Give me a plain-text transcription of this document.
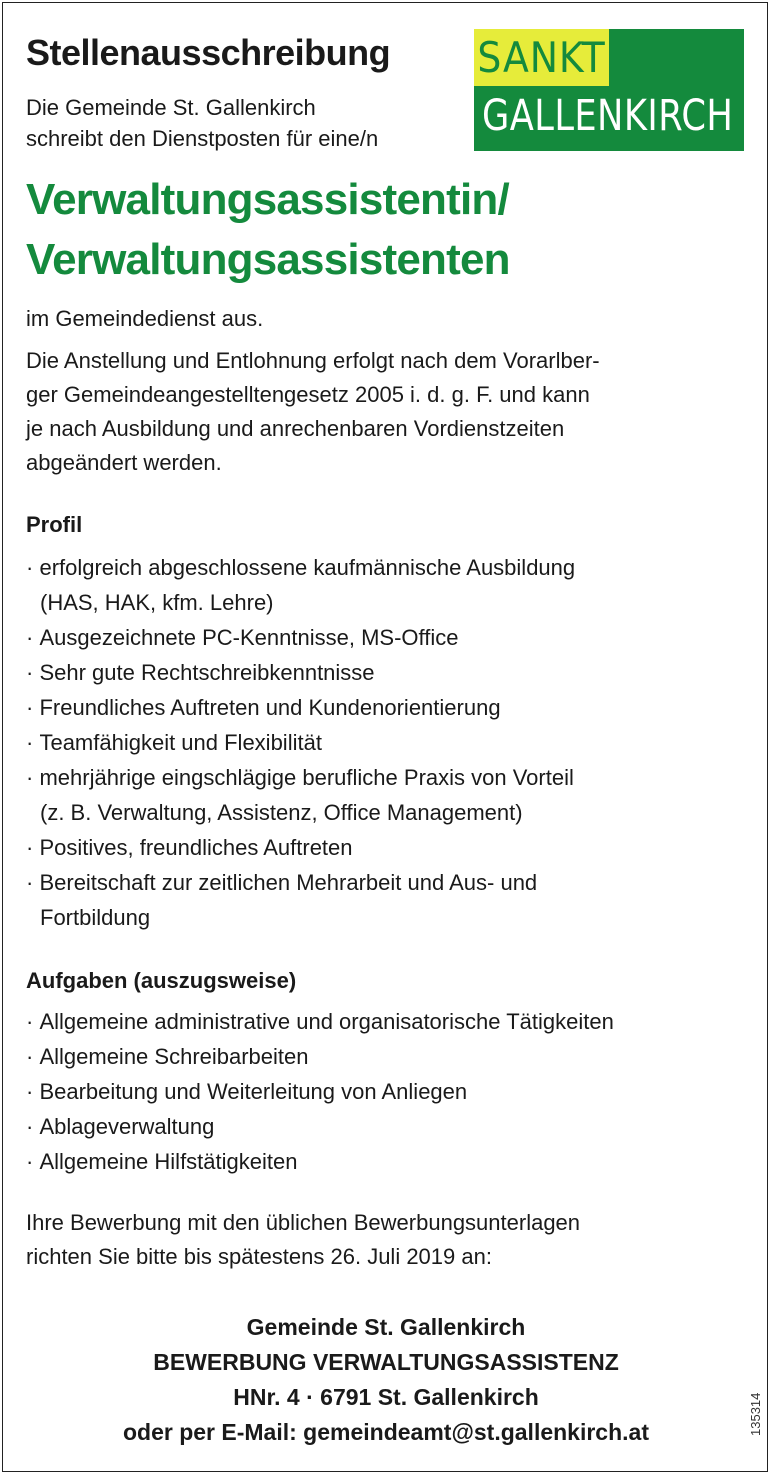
Stellenausschreibung

Die Gemeinde St. Gallenkirch
schreibt den Dienstposten für eine/n

SANKT
GALLENKIRCH
Verwaltungsassistentin/
Verwaltungsassistenten

im Gemeindedienst aus.

Die Anstellung und Entlohnung erfolgt nach dem Vorarlber-
ger Gemeindeangestelltengesetz 2005 i. d. g. F. und kann
je nach Ausbildung und anrechenbaren Vordienstzeiten
abgeändert werden.

Profil
· erfolgreich abgeschlossene kaufmännische Ausbildung
(HAS, HAK, kfm. Lehre)
· Ausgezeichnete PC-Kenntnisse, MS-Office
· Sehr gute Rechtschreibkenntnisse
· Freundliches Auftreten und Kundenorientierung
· Teamfähigkeit und Flexibilität
· mehrjährige eingschlägige berufliche Praxis von Vorteil
(z. B. Verwaltung, Assistenz, Office Management)
· Positives, freundliches Auftreten
· Bereitschaft zur zeitlichen Mehrarbeit und Aus- und
Fortbildung
Aufgaben (auszugsweise)
· Allgemeine administrative und organisatorische Tätigkeiten
· Allgemeine Schreibarbeiten
· Bearbeitung und Weiterleitung von Anliegen
· Ablageverwaltung
· Allgemeine Hilfstätigkeiten

Ihre Bewerbung mit den üblichen Bewerbungsunterlagen
richten Sie bitte bis spätestens 26. Juli 2019 an:

Gemeinde St. Gallenkirch
BEWERBUNG VERWALTUNGSASSISTENZ
HNr. 4 · 6791 St. Gallenkirch
oder per E-Mail: gemeindeamt@st.gallenkirch.at	135314
